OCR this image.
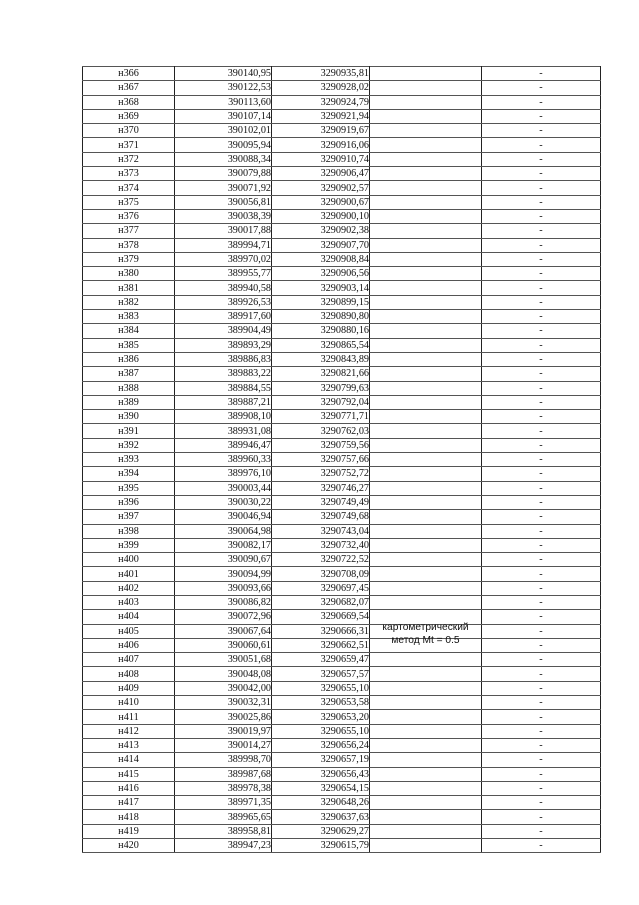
н366	390140,95	3290935,81		-
н367	390122,53	3290928,02		-
н368	390113,60	3290924,79		-
н369	390107,14	3290921,94		-
н370	390102,01	3290919,67		-
н371	390095,94	3290916,06		-
н372	390088,34	3290910,74		-
н373	390079,88	3290906,47		-
н374	390071,92	3290902,57		-
н375	390056,81	3290900,67		-
н376	390038,39	3290900,10		-
н377	390017,88	3290902,38		-
н378	389994,71	3290907,70		-
н379	389970,02	3290908,84		-
н380	389955,77	3290906,56		-
н381	389940,58	3290903,14		-
н382	389926,53	3290899,15		-
н383	389917,60	3290890,80		-
н384	389904,49	3290880,16		-
н385	389893,29	3290865,54		-
н386	389886,83	3290843,89		-
н387	389883,22	3290821,66		-
н388	389884,55	3290799,63		-
н389	389887,21	3290792,04		-
н390	389908,10	3290771,71		-
н391	389931,08	3290762,03		-
н392	389946,47	3290759,56		-
н393	389960,33	3290757,66		-
н394	389976,10	3290752,72		-
н395	390003,44	3290746,27		-
н396	390030,22	3290749,49		-
н397	390046,94	3290749,68		-
н398	390064,98	3290743,04		-
н399	390082,17	3290732,40		-
н400	390090,67	3290722,52		-
н401	390094,99	3290708,09		-
н402	390093,66	3290697,45		-
н403	390086,82	3290682,07		-
н404	390072,96	3290669,54		-
н405	390067,64	3290666,31	картометрический
метод Mt = 0.5	-
н406	390060,61	3290662,51		-
н407	390051,68	3290659,47		-
н408	390048,08	3290657,57		-
н409	390042,00	3290655,10		-
н410	390032,31	3290653,58		-
н411	390025,86	3290653,20		-
н412	390019,97	3290655,10		-
н413	390014,27	3290656,24		-
н414	389998,70	3290657,19		-
н415	389987,68	3290656,43		-
н416	389978,38	3290654,15		-
н417	389971,35	3290648,26		-
н418	389965,65	3290637,63		-
н419	389958,81	3290629,27		-
н420	389947,23	3290615,79		-
